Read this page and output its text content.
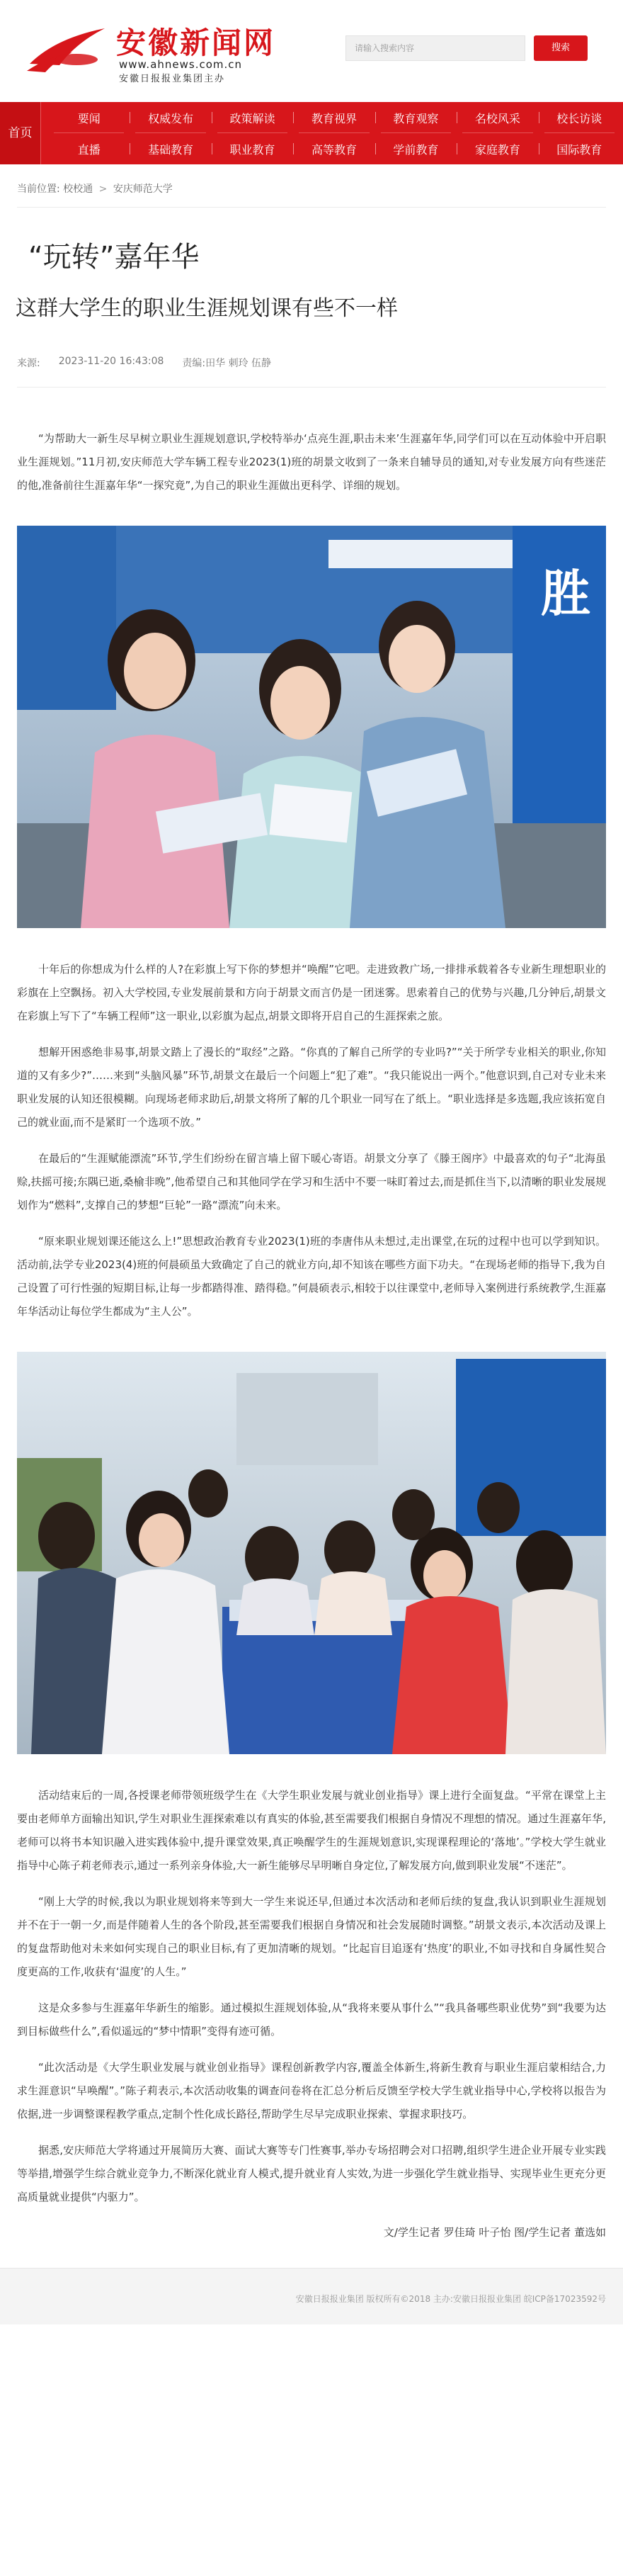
安徽新闻网
www.ahnews.com.cn
安徽日报报业集团主办
请输入搜索内容	搜索
首页
要闻	权威发布	政策解读	教育视界	教育观察	名校风采	校长访谈
直播	基础教育	职业教育	高等教育	学前教育	家庭教育	国际教育
当前位置: 校校通 > 安庆师范大学
“玩转”嘉年华
这群大学生的职业生涯规划课有些不一样
来源: 2023-11-20 16:43:08 责编:田华 刺玲 伍静

“为帮助大一新生尽早树立职业生涯规划意识,学校特举办‘点亮生涯,职击未来’生涯嘉年华,同学们可以在互动体验中开启职业生涯规划。”11月初,安庆师范大学车辆工程专业2023(1)班的胡景文收到了一条来自辅导员的通知,对专业发展方向有些迷茫的他,准备前往生涯嘉年华“一探究竟”,为自己的职业生涯做出更科学、详细的规划。

胜

十年后的你想成为什么样的人?在彩旗上写下你的梦想并“唤醒”它吧。走进致教广场,一排排承载着各专业新生理想职业的彩旗在上空飘扬。初入大学校园,专业发展前景和方向于胡景文而言仍是一团迷雾。思索着自己的优势与兴趣,几分钟后,胡景文在彩旗上写下了“车辆工程师”这一职业,以彩旗为起点,胡景文即将开启自己的生涯探索之旅。

想解开困惑绝非易事,胡景文踏上了漫长的“取经”之路。“你真的了解自己所学的专业吗?”“关于所学专业相关的职业,你知道的又有多少?”……来到“头脑风暴”环节,胡景文在最后一个问题上“犯了难”。“我只能说出一两个。”他意识到,自己对专业未来职业发展的认知还很模糊。向现场老师求助后,胡景文将所了解的几个职业一同写在了纸上。“职业选择是多选题,我应该拓宽自己的就业面,而不是紧盯一个选项不放。”

在最后的“生涯赋能漂流”环节,学生们纷纷在留言墙上留下暖心寄语。胡景文分享了《滕王阁序》中最喜欢的句子“北海虽赊,扶摇可接;东隅已逝,桑榆非晚”,他希望自己和其他同学在学习和生活中不要一味盯着过去,而是抓住当下,以清晰的职业发展规划作为“燃料”,支撑自己的梦想“巨轮”一路“漂流”向未来。

“原来职业规划课还能这么上!”思想政治教育专业2023(1)班的李唐伟从未想过,走出课堂,在玩的过程中也可以学到知识。活动前,法学专业2023(4)班的何晨硕虽大致确定了自己的就业方向,却不知该在哪些方面下功夫。“在现场老师的指导下,我为自己设置了可行性强的短期目标,让每一步都踏得准、踏得稳。”何晨硕表示,相较于以往课堂中,老师导入案例进行系统教学,生涯嘉年华活动让每位学生都成为“主人公”。

活动结束后的一周,各授课老师带领班级学生在《大学生职业发展与就业创业指导》课上进行全面复盘。“平常在课堂上主要由老师单方面输出知识,学生对职业生涯探索难以有真实的体验,甚至需要我们根据自身情况不理想的情况。通过生涯嘉年华,老师可以将书本知识融入进实践体验中,提升课堂效果,真正唤醒学生的生涯规划意识,实现课程理论的‘落地’。”学校大学生就业指导中心陈子莉老师表示,通过一系列亲身体验,大一新生能够尽早明晰自身定位,了解发展方向,做到职业发展“不迷茫”。

“刚上大学的时候,我以为职业规划将来等到大一学生来说还早,但通过本次活动和老师后续的复盘,我认识到职业生涯规划并不在于一朝一夕,而是伴随着人生的各个阶段,甚至需要我们根据自身情况和社会发展随时调整。”胡景文表示,本次活动及课上的复盘帮助他对未来如何实现自己的职业目标,有了更加清晰的规划。“比起盲目追逐有‘热度’的职业,不如寻找和自身属性契合度更高的工作,收获有‘温度’的人生。”

这是众多参与生涯嘉年华新生的缩影。通过模拟生涯规划体验,从“我将来要从事什么”“我具备哪些职业优势”到“我要为达到目标做些什么”,看似遥远的“梦中情职”变得有迹可循。

“此次活动是《大学生职业发展与就业创业指导》课程创新教学内容,覆盖全体新生,将新生教育与职业生涯启蒙相结合,力求生涯意识“早唤醒”。”陈子莉表示,本次活动收集的调查问卷将在汇总分析后反馈至学校大学生就业指导中心,学校将以报告为依据,进一步调整课程教学重点,定制个性化成长路径,帮助学生尽早完成职业探索、掌握求职技巧。

据悉,安庆师范大学将通过开展简历大赛、面试大赛等专门性赛事,举办专场招聘会对口招聘,组织学生进企业开展专业实践等举措,增强学生综合就业竞争力,不断深化就业育人模式,提升就业育人实效,为进一步强化学生就业指导、实现毕业生更充分更高质量就业提供“内驱力”。

文/学生记者 罗佳琦 叶子怡 图/学生记者 董选如
安徽日报报业集团 版权所有©2018 主办:安徽日报报业集团 皖ICP备17023592号
